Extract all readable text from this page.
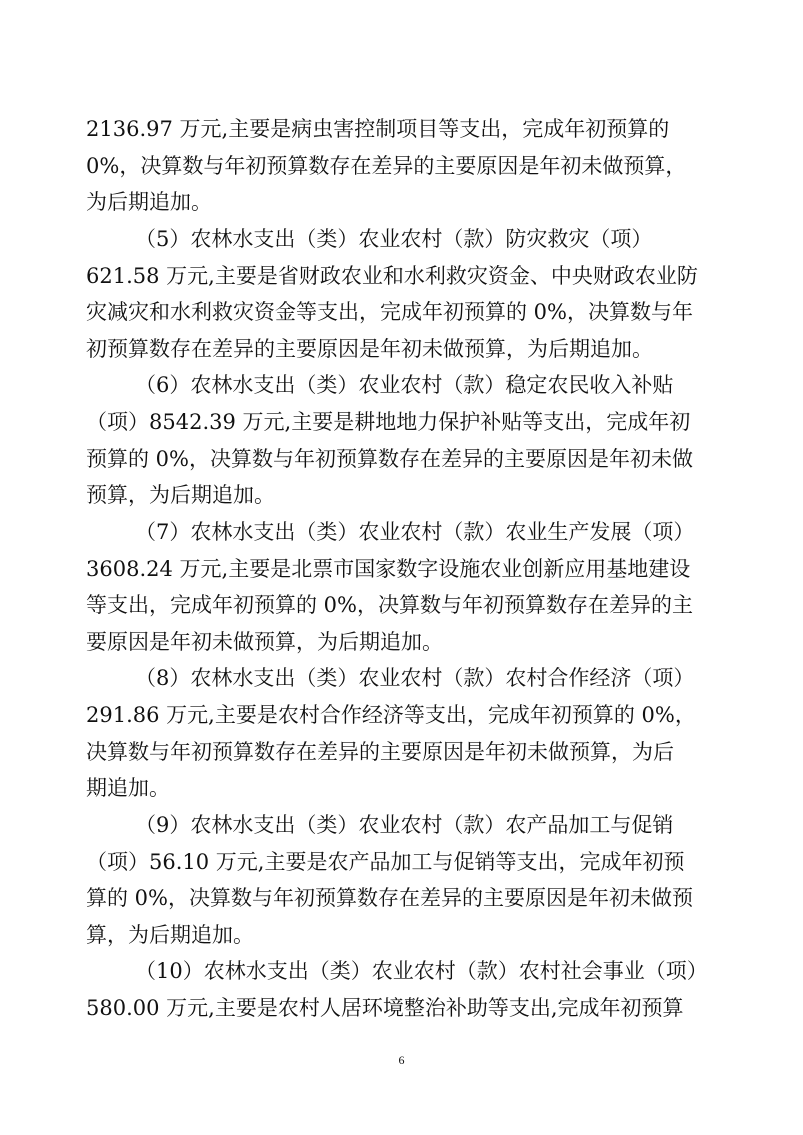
2136.97 万元,主要是病虫害控制项目等支出，完成年初预算的

0%，决算数与年初预算数存在差异的主要原因是年初未做预算，

为后期追加。

（5）农林水支出（类）农业农村（款）防灾救灾（项）

621.58 万元,主要是省财政农业和水利救灾资金、中央财政农业防

灾减灾和水利救灾资金等支出，完成年初预算的 0%，决算数与年

初预算数存在差异的主要原因是年初未做预算，为后期追加。

（6）农林水支出（类）农业农村（款）稳定农民收入补贴

（项）8542.39 万元,主要是耕地地力保护补贴等支出，完成年初

预算的 0%，决算数与年初预算数存在差异的主要原因是年初未做

预算，为后期追加。

（7）农林水支出（类）农业农村（款）农业生产发展（项）

3608.24 万元,主要是北票市国家数字设施农业创新应用基地建设

等支出，完成年初预算的 0%，决算数与年初预算数存在差异的主

要原因是年初未做预算，为后期追加。

（8）农林水支出（类）农业农村（款）农村合作经济（项）

291.86 万元,主要是农村合作经济等支出，完成年初预算的 0%，

决算数与年初预算数存在差异的主要原因是年初未做预算，为后

期追加。

（9）农林水支出（类）农业农村（款）农产品加工与促销

（项）56.10 万元,主要是农产品加工与促销等支出，完成年初预

算的 0%，决算数与年初预算数存在差异的主要原因是年初未做预

算，为后期追加。

（10）农林水支出（类）农业农村（款）农村社会事业（项）

580.00 万元,主要是农村人居环境整治补助等支出,完成年初预算

6
